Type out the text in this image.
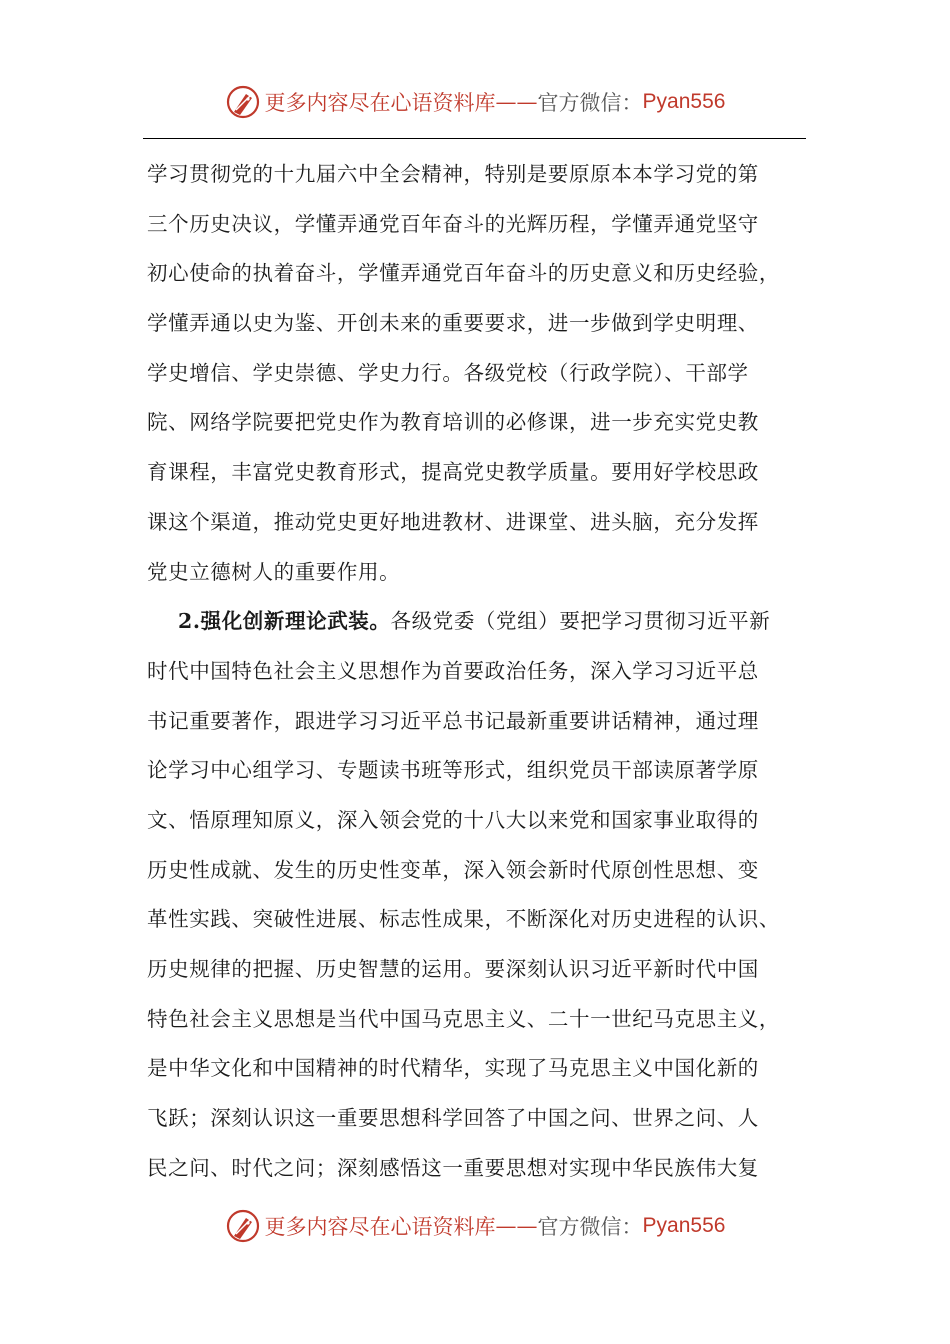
更多内容尽在心语资料库 — — 官方微信： Pyan556
学习贯彻党的十九届六中全会精神，特别是要原原本本学习党的第
三个历史决议，学懂弄通党百年奋斗的光辉历程，学懂弄通党坚守
初心使命的执着奋斗，学懂弄通党百年奋斗的历史意义和历史经验，
学懂弄通以史为鉴、开创未来的重要要求，进一步做到学史明理、
学史增信、学史崇德、学史力行。各级党校（行政学院）、干部学
院、网络学院要把党史作为教育培训的必修课，进一步充实党史教
育课程，丰富党史教育形式，提高党史教学质量。要用好学校思政
课这个渠道，推动党史更好地进教材、进课堂、进头脑，充分发挥
党史立德树人的重要作用。
2.强化创新理论武装。各级党委（党组）要把学习贯彻习近平新
时代中国特色社会主义思想作为首要政治任务，深入学习习近平总
书记重要著作，跟进学习习近平总书记最新重要讲话精神，通过理
论学习中心组学习、专题读书班等形式，组织党员干部读原著学原
文、悟原理知原义，深入领会党的十八大以来党和国家事业取得的
历史性成就、发生的历史性变革，深入领会新时代原创性思想、变
革性实践、突破性进展、标志性成果，不断深化对历史进程的认识、
历史规律的把握、历史智慧的运用。要深刻认识习近平新时代中国
特色社会主义思想是当代中国马克思主义、二十一世纪马克思主义，
是中华文化和中国精神的时代精华，实现了马克思主义中国化新的
飞跃；深刻认识这一重要思想科学回答了中国之问、世界之问、人
民之问、时代之问；深刻感悟这一重要思想对实现中华民族伟大复
更多内容尽在心语资料库 — — 官方微信： Pyan556
